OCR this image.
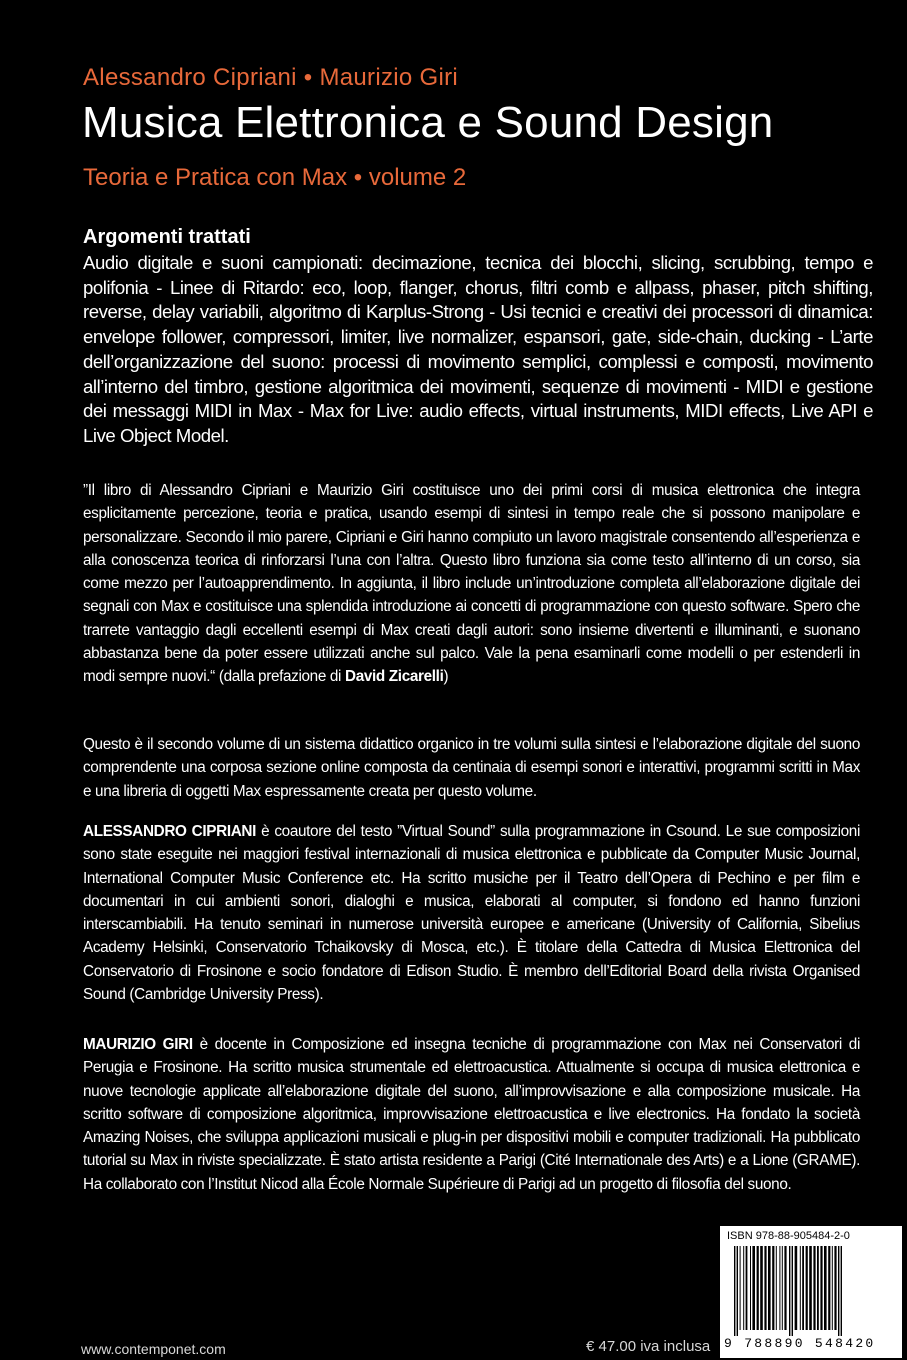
Alessandro Cipriani • Maurizio Giri
Musica Elettronica e Sound Design
Teoria e Pratica con Max • volume 2
Argomenti trattati
Audio digitale e suoni campionati: decimazione, tecnica dei blocchi, slicing, scrubbing, tempo e polifonia - Linee di Ritardo: eco, loop, flanger, chorus, filtri comb e allpass, phaser, pitch shifting, reverse, delay variabili, algoritmo di Karplus-Strong - Usi tecnici e creativi dei processori di dinamica: envelope follower, compressori, limiter, live normalizer, espansori, gate, side-chain, ducking - L’arte dell’organizzazione del suono: processi di movimento semplici, complessi e composti, movimento all’interno del timbro, gestione algoritmica dei movimenti, sequenze di movimenti - MIDI e gestione dei messaggi MIDI in Max - Max for Live: audio effects, virtual instruments, MIDI effects, Live API e Live Object Model.
”Il libro di Alessandro Cipriani e Maurizio Giri costituisce uno dei primi corsi di musica elettronica che integra esplicitamente percezione, teoria e pratica, usando esempi di sintesi in tempo reale che si possono manipolare e personalizzare. Secondo il mio parere, Cipriani e Giri hanno compiuto un lavoro magistrale consentendo all’esperienza e alla conoscenza teorica di rinforzarsi l’una con l’altra. Questo libro funziona sia come testo all’interno di un corso, sia come mezzo per l’autoapprendimento. In aggiunta, il libro include un’introduzione completa all’elaborazione digitale dei segnali con Max e costituisce una splendida introduzione ai concetti di programmazione con questo software. Spero che trarrete vantaggio dagli eccellenti esempi di Max creati dagli autori: sono insieme divertenti e illuminanti, e suonano abbastanza bene da poter essere utilizzati anche sul palco. Vale la pena esaminarli come modelli o per estenderli in modi sempre nuovi.“ (dalla prefazione di David Zicarelli)
Questo è il secondo volume di un sistema didattico organico in tre volumi sulla sintesi e l’elaborazione digitale del suono comprendente una corposa sezione online composta da centinaia di esempi sonori e interattivi, programmi scritti in Max e una libreria di oggetti Max espressamente creata per questo volume.
ALESSANDRO CIPRIANI è coautore del testo ”Virtual Sound” sulla programmazione in Csound. Le sue composizioni sono state eseguite nei maggiori festival internazionali di musica elettronica e pubblicate da Computer Music Journal, International Computer Music Conference etc. Ha scritto musiche per il Teatro dell’Opera di Pechino e per film e documentari in cui ambienti sonori, dialoghi e musica, elaborati al computer, si fondono ed hanno funzioni interscambiabili. Ha tenuto seminari in numerose università europee e americane (University of California, Sibelius Academy Helsinki, Conservatorio Tchaikovsky di Mosca, etc.). È titolare della Cattedra di Musica Elettronica del Conservatorio di Frosinone e socio fondatore di Edison Studio. È membro dell’Editorial Board della rivista Organised Sound (Cambridge University Press).
MAURIZIO GIRI è docente in Composizione ed insegna tecniche di programmazione con Max nei Conservatori di Perugia e Frosinone. Ha scritto musica strumentale ed elettroacustica. Attualmente si occupa di musica elettronica e nuove tecnologie applicate all’elaborazione digitale del suono, all’improvvisazione e alla composizione musicale. Ha scritto software di composizione algoritmica, improvvisazione elettroacustica e live electronics. Ha fondato la società Amazing Noises, che sviluppa applicazioni musicali e plug-in per dispositivi mobili e computer tradizionali. Ha pubblicato tutorial su Max in riviste specializzate. È stato artista residente a Parigi (Cité Internationale des Arts) e a Lione (GRAME). Ha collaborato con l’Institut Nicod alla École Normale Supérieure di Parigi ad un progetto di filosofia del suono.
www.contemponet.com	€ 47.00 iva inclusa
ISBN 978-88-905484-2-0
9 788890 548420
